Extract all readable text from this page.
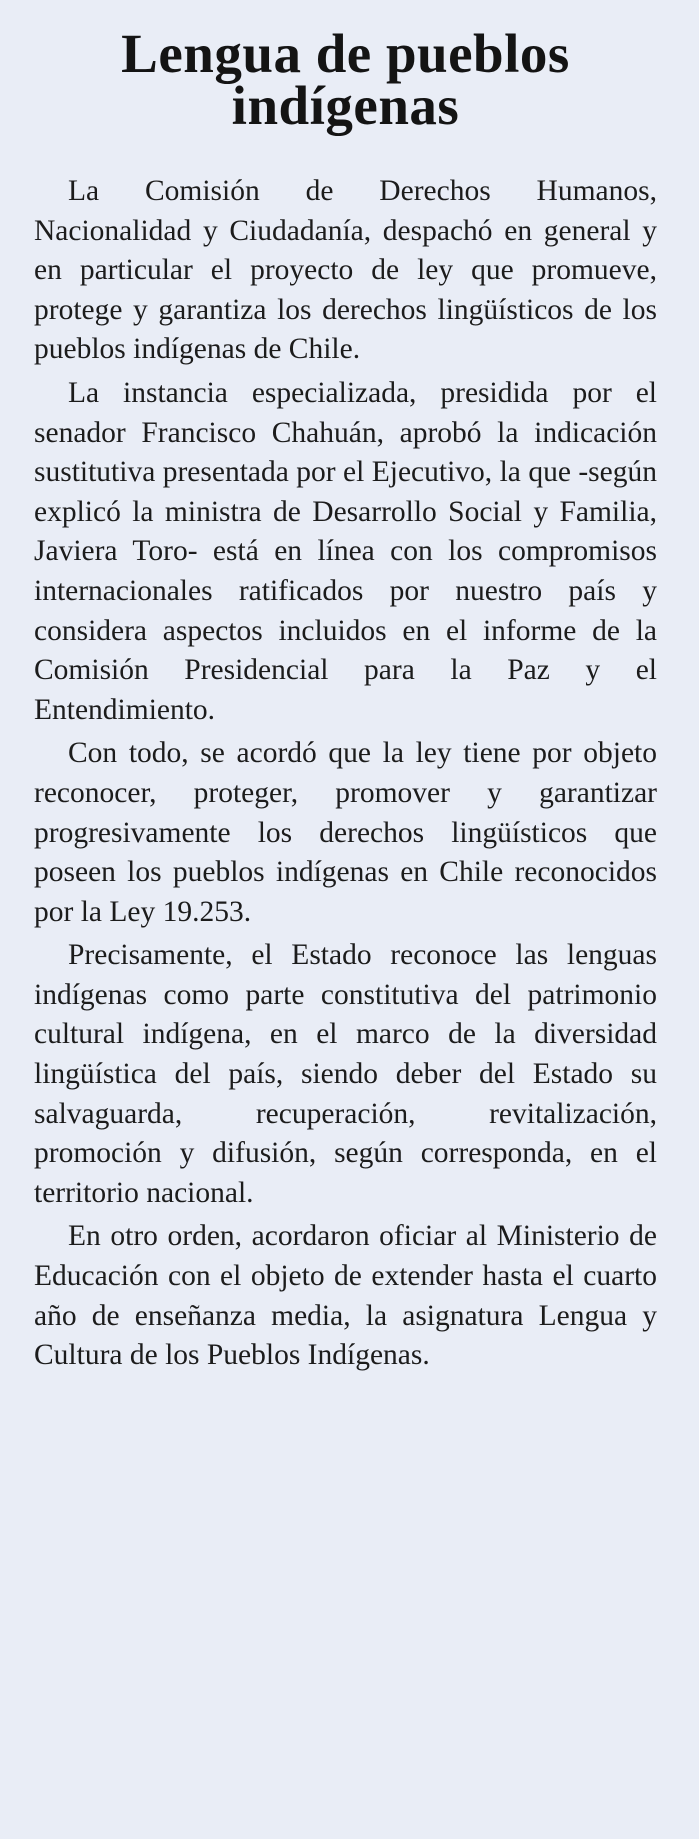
Lengua de pueblos indígenas

La Comisión de Derechos Humanos, Nacionalidad y Ciudadanía, despachó en general y en particular el proyecto de ley que promueve, protege y garantiza los derechos lingüísticos de los pueblos indígenas de Chile.

La instancia especializada, presidida por el senador Francisco Chahuán, aprobó la indicación sustitutiva presentada por el Ejecutivo, la que -según explicó la ministra de Desarrollo Social y Familia, Javiera Toro- está en línea con los compromisos internacionales ratificados por nuestro país y considera aspectos incluidos en el informe de la Comisión Presidencial para la Paz y el Entendimiento.

Con todo, se acordó que la ley tiene por objeto reconocer, proteger, promover y garantizar progresivamente los derechos lingüísticos que poseen los pueblos indígenas en Chile reconocidos por la Ley 19.253.

Precisamente, el Estado reconoce las lenguas indígenas como parte constitutiva del patrimonio cultural indígena, en el marco de la diversidad lingüística del país, siendo deber del Estado su salvaguarda, recuperación, revitalización, promoción y difusión, según corresponda, en el territorio nacional.

En otro orden, acordaron oficiar al Ministerio de Educación con el objeto de extender hasta el cuarto año de enseñanza media, la asignatura Lengua y Cultura de los Pueblos Indígenas.
